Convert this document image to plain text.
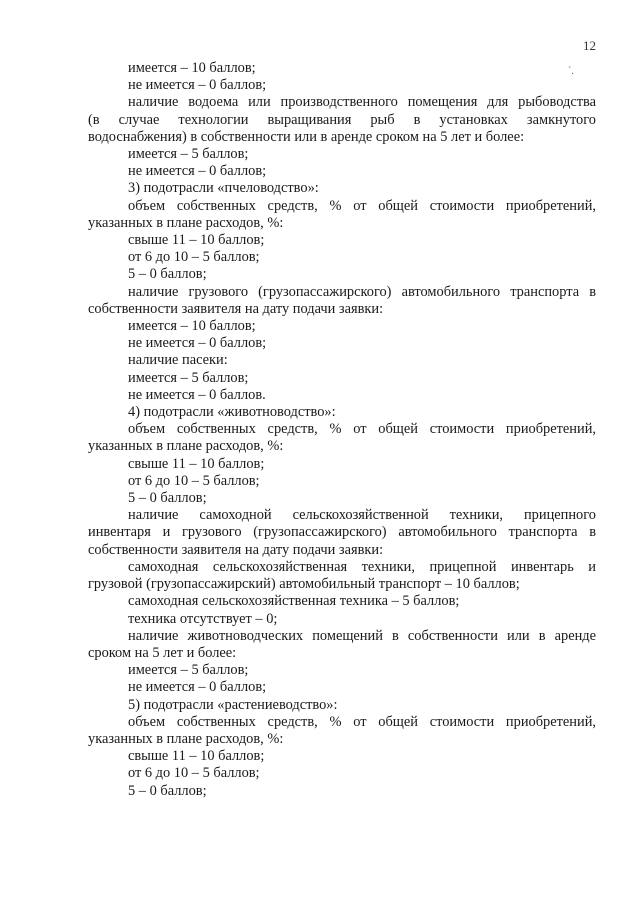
12
`.
имеется – 10 баллов;
не имеется – 0 баллов;
наличие водоема или производственного помещения для рыбоводства
(в случае технологии выращивания рыб в установках замкнутого
водоснабжения) в собственности или в аренде сроком на 5 лет и более:
имеется – 5 баллов;
не имеется – 0 баллов;
3) подотрасли «пчеловодство»:
объем собственных средств, % от общей стоимости приобретений,
указанных в плане расходов, %:
свыше 11 – 10 баллов;
от 6 до 10 – 5 баллов;
5 – 0 баллов;
наличие грузового (грузопассажирского) автомобильного транспорта в
собственности заявителя на дату подачи заявки:
имеется – 10 баллов;
не имеется – 0 баллов;
наличие пасеки:
имеется – 5 баллов;
не имеется – 0 баллов.
4) подотрасли «животноводство»:
объем собственных средств, % от общей стоимости приобретений,
указанных в плане расходов, %:
свыше 11 – 10 баллов;
от 6 до 10 – 5 баллов;
5 – 0 баллов;
наличие самоходной сельскохозяйственной техники, прицепного
инвентаря и грузового (грузопассажирского) автомобильного транспорта в
собственности заявителя на дату подачи заявки:
самоходная сельскохозяйственная техники, прицепной инвентарь и
грузовой (грузопассажирский) автомобильный транспорт – 10 баллов;
самоходная сельскохозяйственная техника – 5 баллов;
техника отсутствует – 0;
наличие животноводческих помещений в собственности или в аренде
сроком на 5 лет и более:
имеется – 5 баллов;
не имеется – 0 баллов;
5) подотрасли «растениеводство»:
объем собственных средств, % от общей стоимости приобретений,
указанных в плане расходов, %:
свыше 11 – 10 баллов;
от 6 до 10 – 5 баллов;
5 – 0 баллов;
